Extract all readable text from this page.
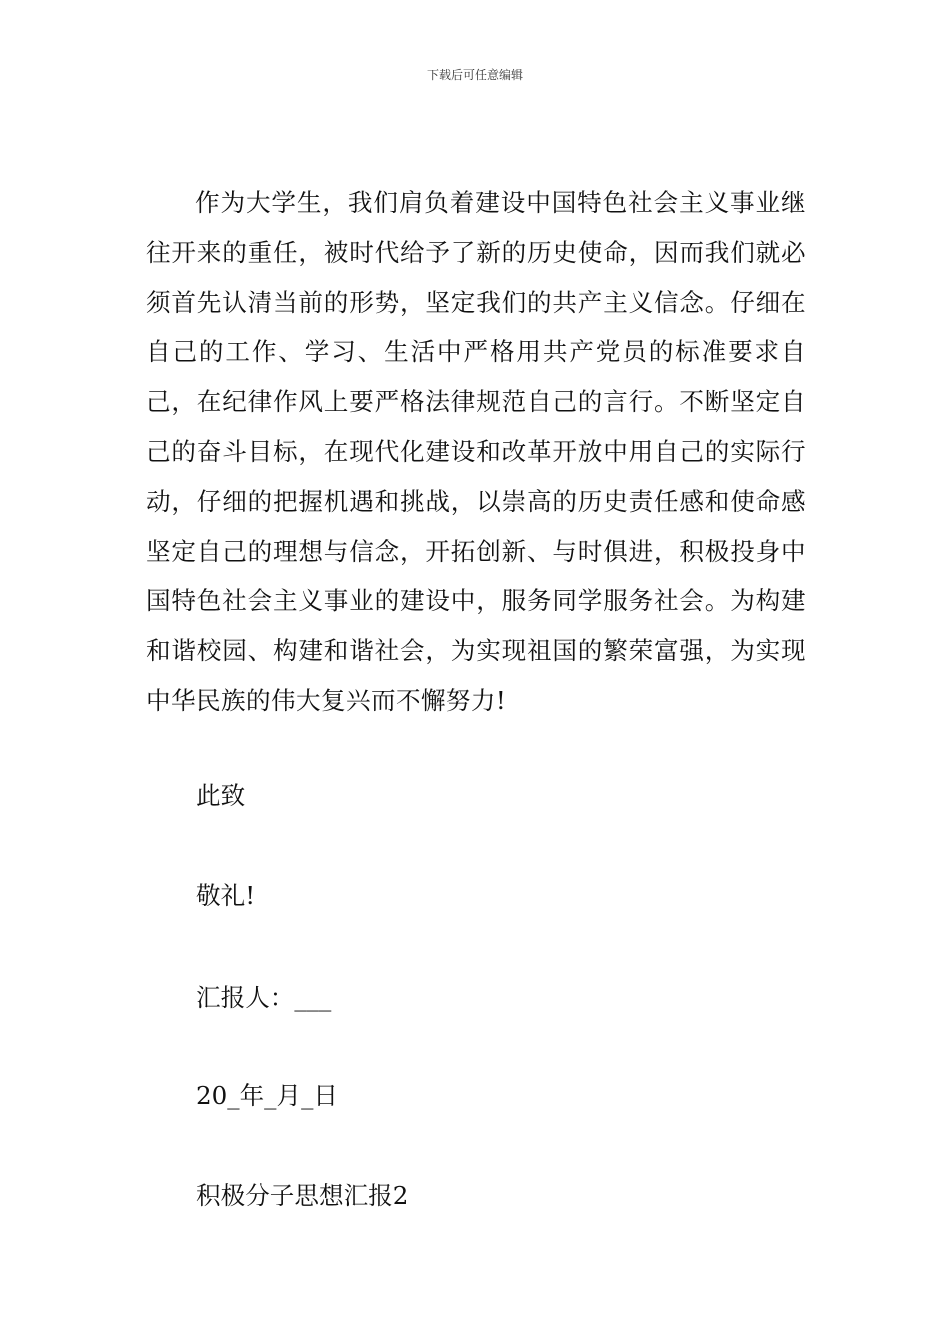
下载后可任意编辑

作为大学生，我们肩负着建设中国特色社会主义事业继往开来的重任，被时代给予了新的历史使命，因而我们就必须首先认清当前的形势，坚定我们的共产主义信念。仔细在自己的工作、学习、生活中严格用共产党员的标准要求自己，在纪律作风上要严格法律规范自己的言行。不断坚定自己的奋斗目标，在现代化建设和改革开放中用自己的实际行动，仔细的把握机遇和挑战，以崇高的历史责任感和使命感坚定自己的理想与信念，开拓创新、与时俱进，积极投身中国特色社会主义事业的建设中，服务同学服务社会。为构建和谐校园、构建和谐社会，为实现祖国的繁荣富强，为实现中华民族的伟大复兴而不懈努力!

此致
敬礼!
汇报人：___
20_年_月_日
积极分子思想汇报2
